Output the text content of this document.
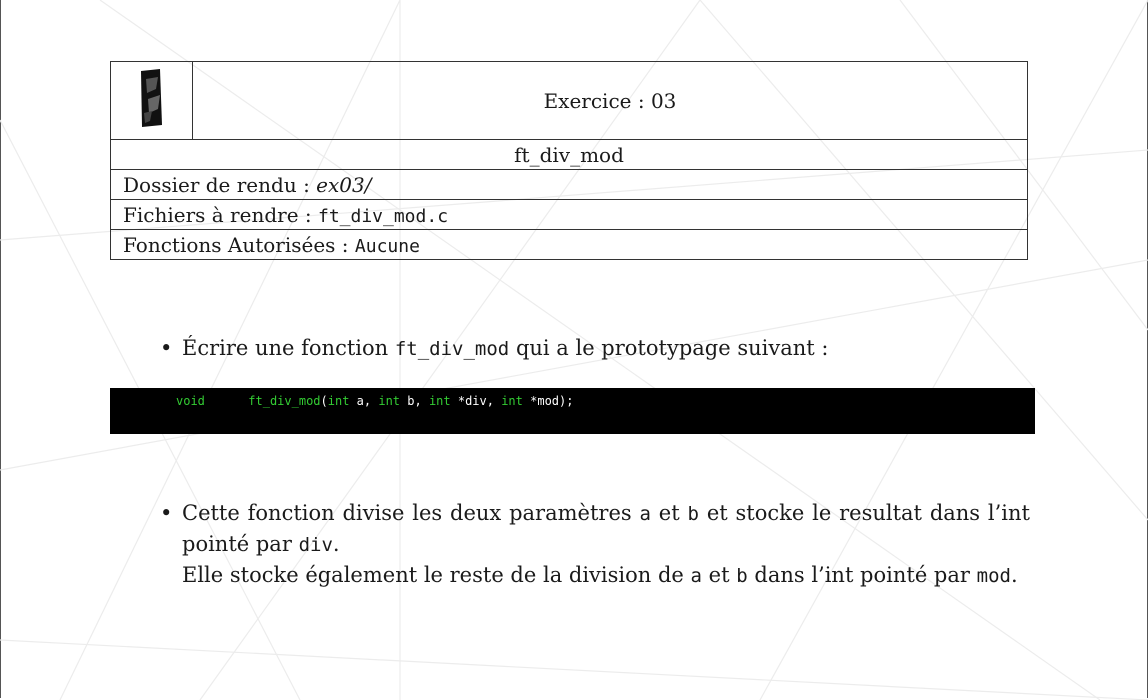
	Exercice : 03
ft_div_mod
Dossier de rendu : ex03/
Fichiers à rendre : ft_div_mod.c
Fonctions Autorisées : Aucune
• Écrire une fonction ft_div_mod qui a le prototypage suivant :
void	ft_div_mod(int a, int b, int *div, int *mod);
• Cette fonction divise les deux paramètres a et b et stocke le resultat dans l’int pointé par div.
Elle stocke également le reste de la division de a et b dans l’int pointé par mod.
